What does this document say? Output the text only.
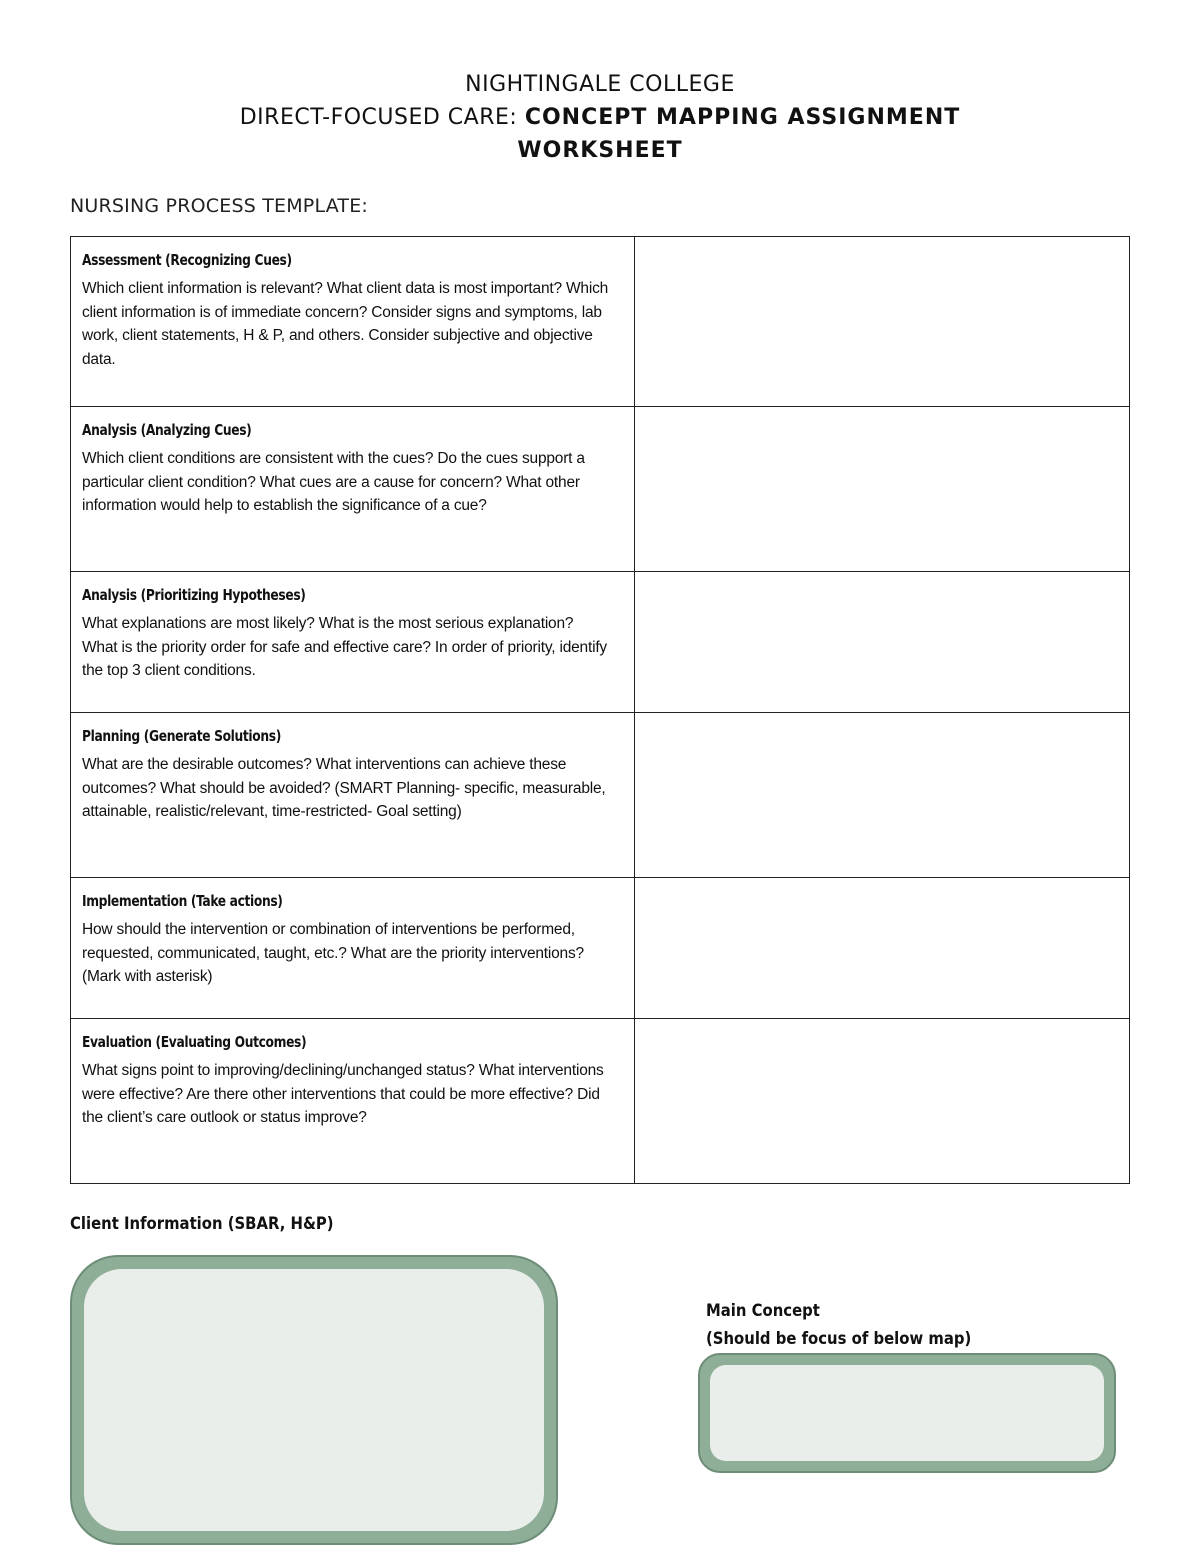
NIGHTINGALE COLLEGE
DIRECT-FOCUSED CARE: CONCEPT MAPPING ASSIGNMENT
WORKSHEET
NURSING PROCESS TEMPLATE:
Assessment (Recognizing Cues)
Which client information is relevant? What client data is most important? Which client information is of immediate concern? Consider signs and symptoms, lab work, client statements, H & P, and others. Consider subjective and objective data.	

Analysis (Analyzing Cues)
Which client conditions are consistent with the cues? Do the cues support a particular client condition? What cues are a cause for concern? What other information would help to establish the significance of a cue?	

Analysis (Prioritizing Hypotheses)
What explanations are most likely? What is the most serious explanation? What is the priority order for safe and effective care? In order of priority, identify the top 3 client conditions.	

Planning (Generate Solutions)
What are the desirable outcomes? What interventions can achieve these outcomes? What should be avoided? (SMART Planning- specific, measurable, attainable, realistic/relevant, time-restricted- Goal setting)	

Implementation (Take actions)
How should the intervention or combination of interventions be performed, requested, communicated, taught, etc.? What are the priority interventions? (Mark with asterisk)	

Evaluation (Evaluating Outcomes)
What signs point to improving/declining/unchanged status? What interventions were effective? Are there other interventions that could be more effective? Did the client’s care outlook or status improve?	

Client Information (SBAR, H&P)
Main Concept
(Should be focus of below map)
